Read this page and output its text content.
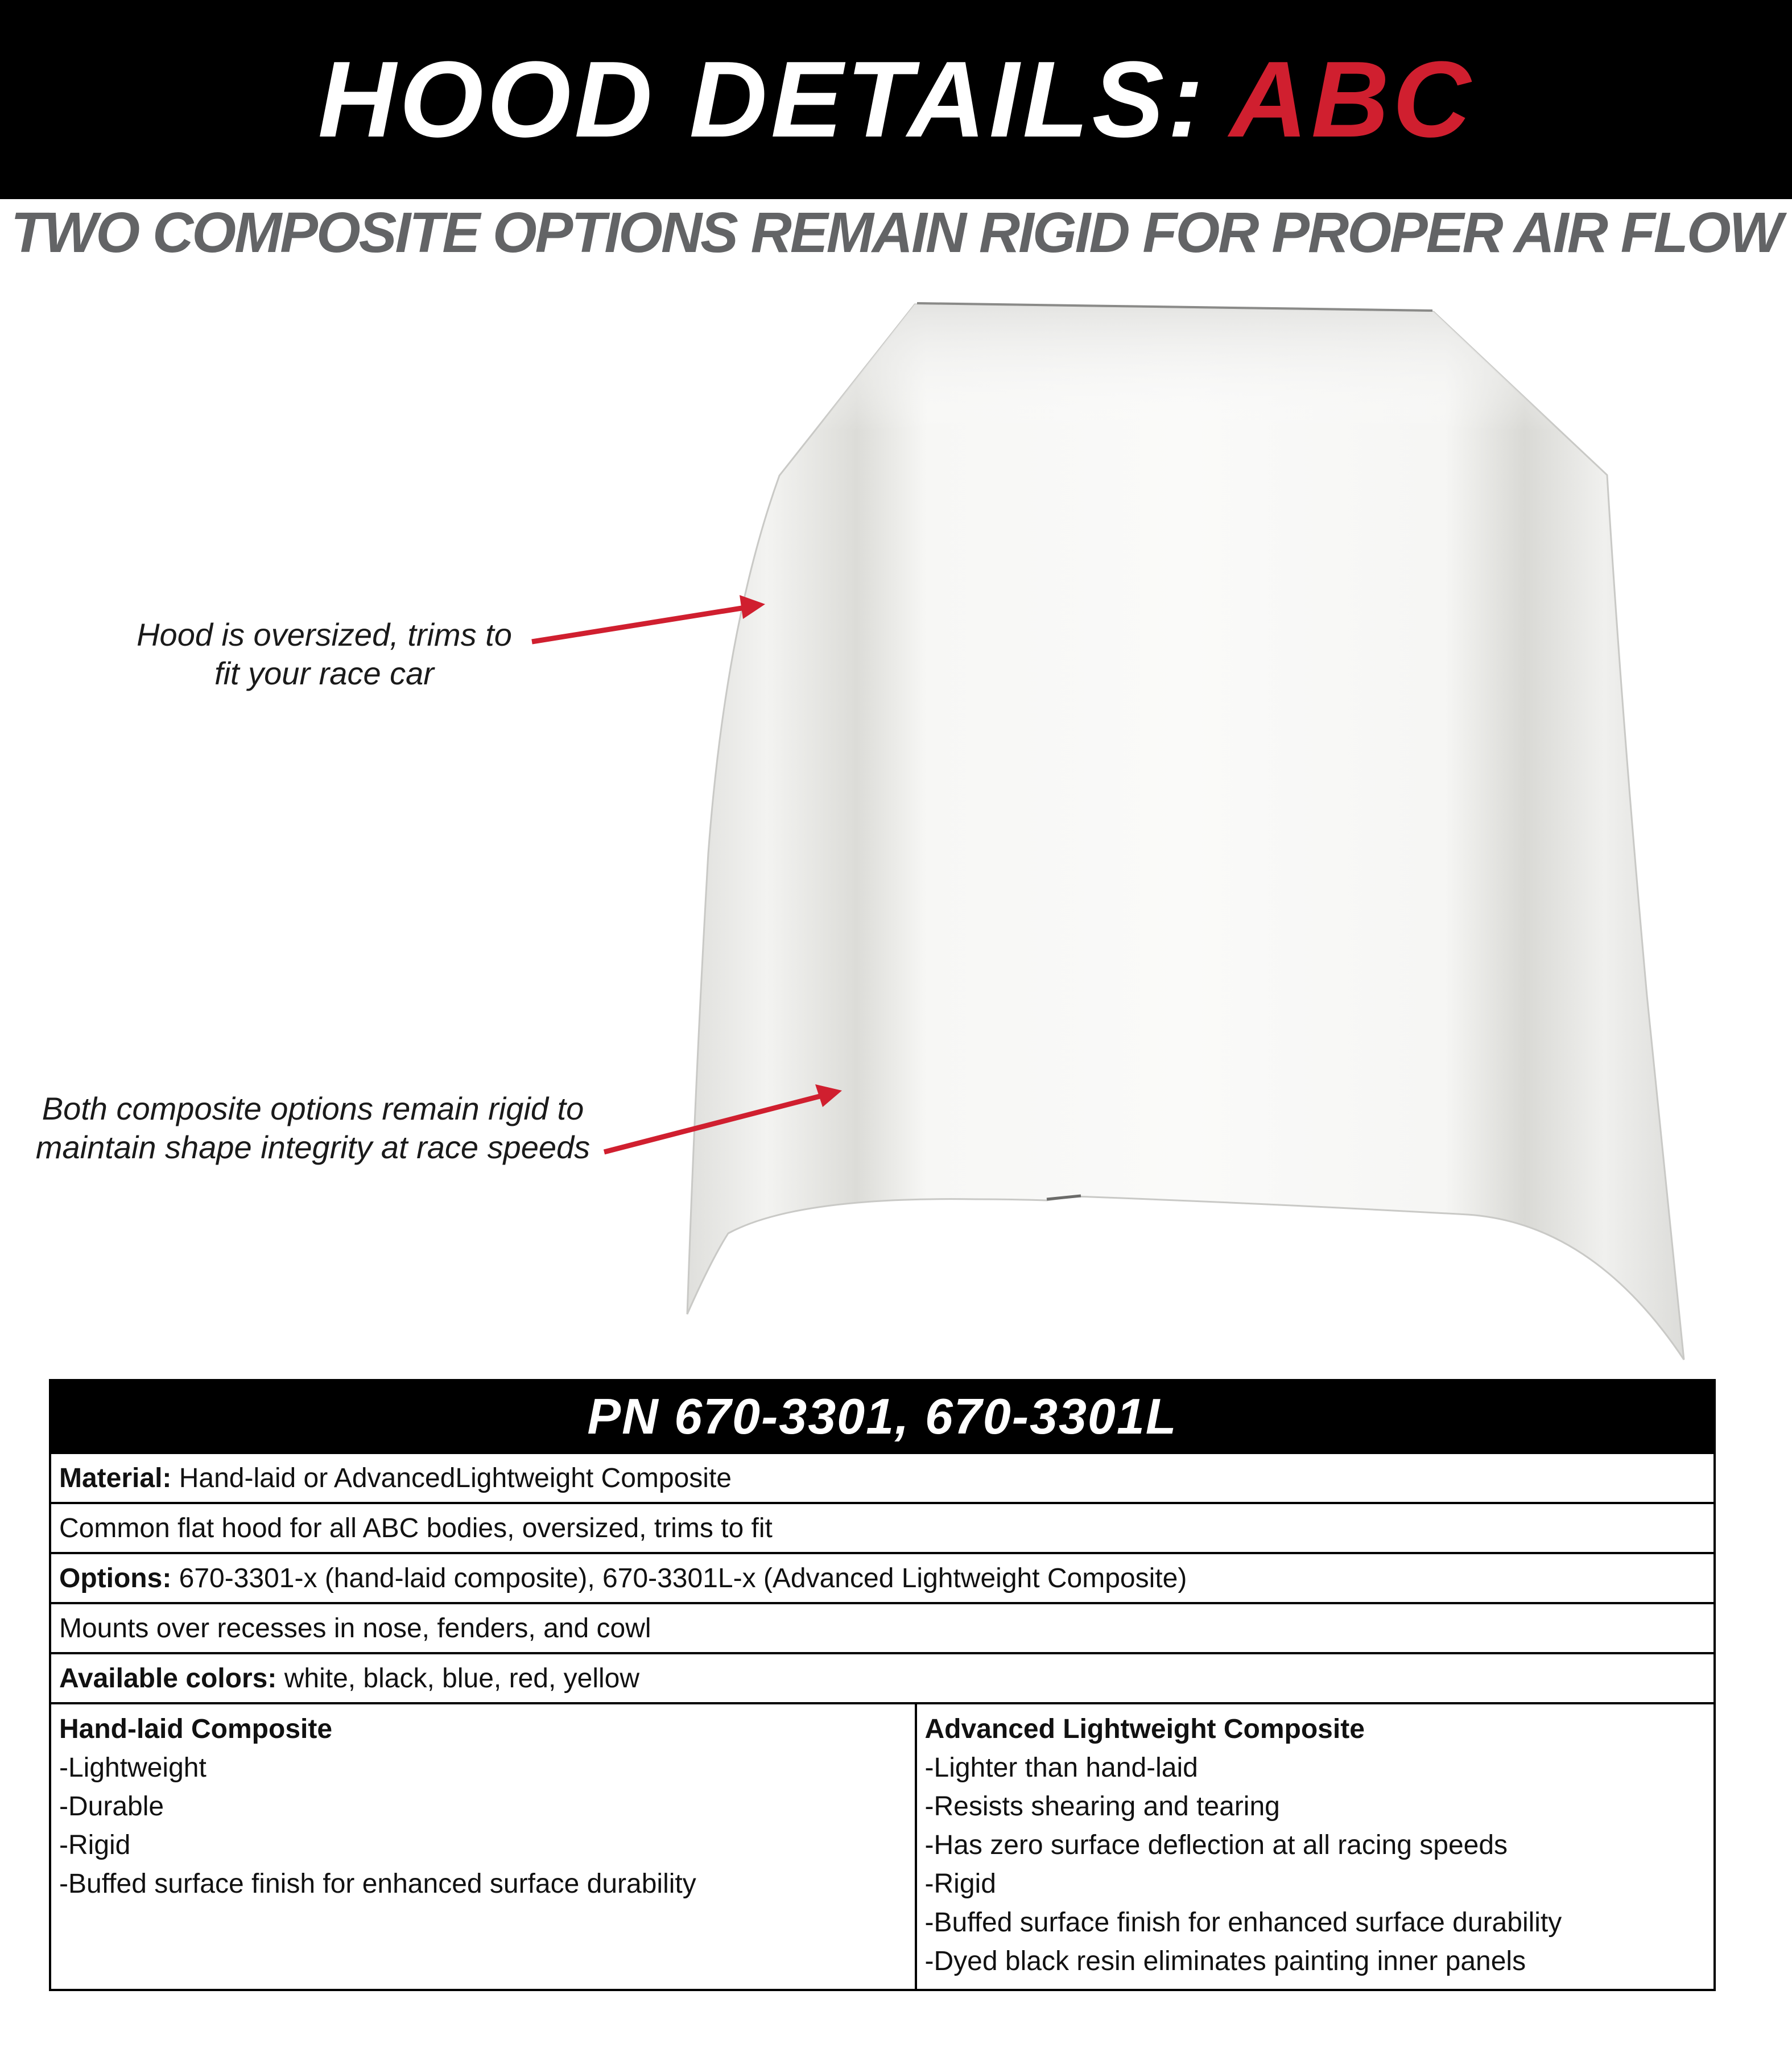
HOOD DETAILS: ABC
TWO COMPOSITE OPTIONS REMAIN RIGID FOR PROPER AIR FLOW
Hood is oversized, trims to
fit your race car
Both composite options remain rigid to
maintain shape integrity at race speeds
PN 670-3301, 670-3301L
Material: Hand-laid or AdvancedLightweight Composite
Common flat hood for all ABC bodies, oversized, trims to fit
Options: 670-3301-x (hand-laid composite), 670-3301L-x (Advanced Lightweight Composite)
Mounts over recesses in nose, fenders, and cowl
Available colors: white, black, blue, red, yellow

Hand-laid Composite
-Lightweight
-Durable
-Rigid
-Buffed surface finish for enhanced surface durability

Advanced Lightweight Composite
-Lighter than hand-laid
-Resists shearing and tearing
-Has zero surface deflection at all racing speeds
-Rigid
-Buffed surface finish for enhanced surface durability
-Dyed black resin eliminates painting inner panels
